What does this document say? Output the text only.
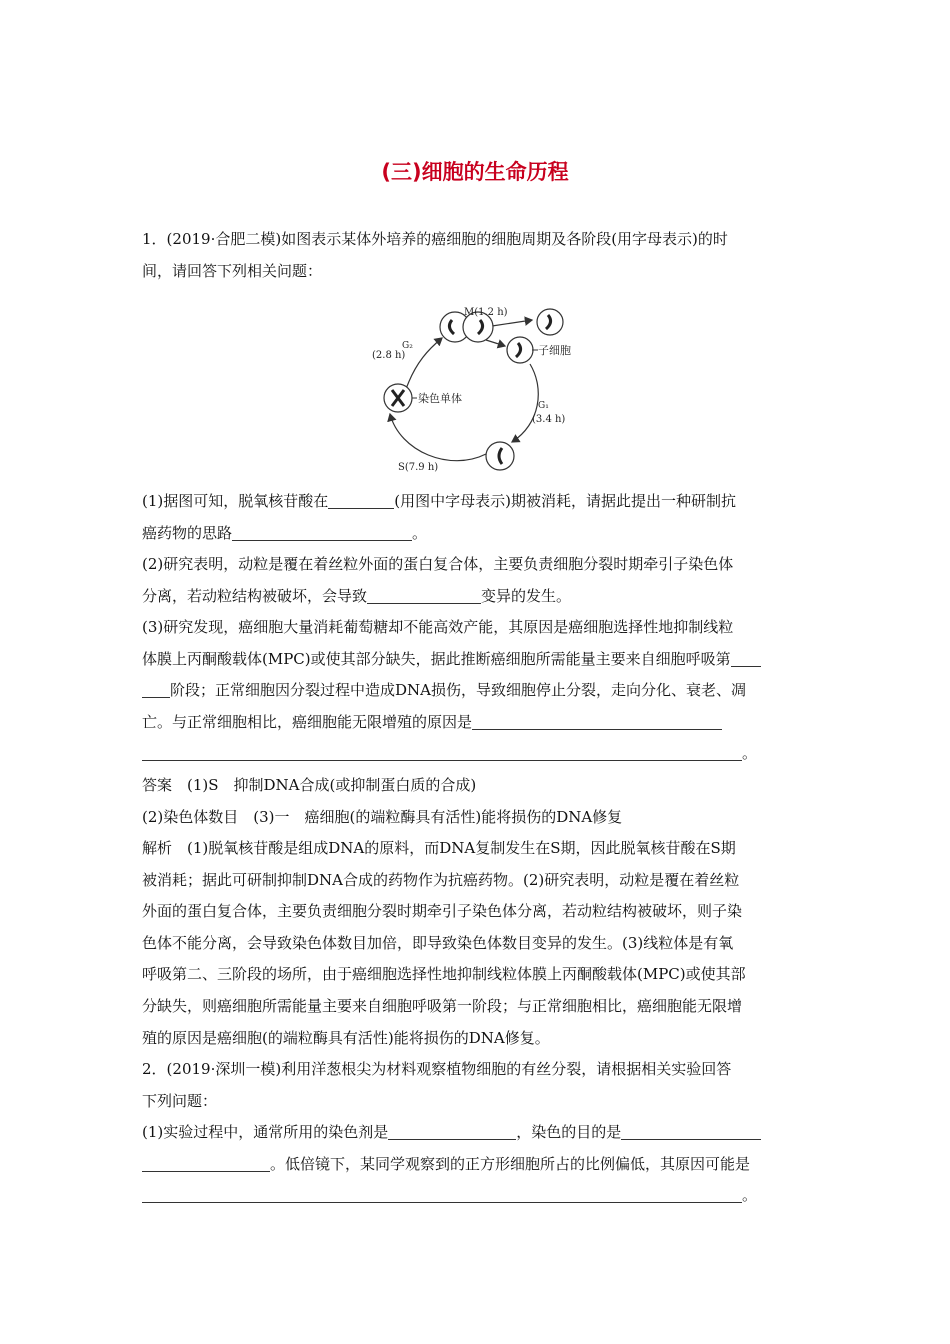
(三)细胞的生命历程
1．(2019·合肥二模)如图表示某体外培养的癌细胞的细胞周期及各阶段(用字母表示)的时
间，请回答下列相关问题：
M(1.2 h)
G₂
(2.8 h)	子细胞
染色单体
G₁
(3.4 h)
S(7.9 h)
(1)据图可知，脱氧核苷酸在	(用图中字母表示)期被消耗，请据此提出一种研制抗
癌药物的思路	。
(2)研究表明，动粒是覆在着丝粒外面的蛋白复合体，主要负责细胞分裂时期牵引子染色体
分离，若动粒结构被破坏，会导致	变异的发生。
(3)研究发现，癌细胞大量消耗葡萄糖却不能高效产能，其原因是癌细胞选择性地抑制线粒
体膜上丙酮酸载体(MPC)或使其部分缺失，据此推断癌细胞所需能量主要来自细胞呼吸第
阶段；正常细胞因分裂过程中造成DNA损伤，导致细胞停止分裂，走向分化、衰老、凋
亡。与正常细胞相比，癌细胞能无限增殖的原因是
。
答案　(1)S　抑制DNA合成(或抑制蛋白质的合成)
(2)染色体数目　(3)一　癌细胞(的端粒酶具有活性)能将损伤的DNA修复
解析　(1)脱氧核苷酸是组成DNA的原料，而DNA复制发生在S期，因此脱氧核苷酸在S期
被消耗；据此可研制抑制DNA合成的药物作为抗癌药物。(2)研究表明，动粒是覆在着丝粒
外面的蛋白复合体，主要负责细胞分裂时期牵引子染色体分离，若动粒结构被破坏，则子染
色体不能分离，会导致染色体数目加倍，即导致染色体数目变异的发生。(3)线粒体是有氧
呼吸第二、三阶段的场所，由于癌细胞选择性地抑制线粒体膜上丙酮酸载体(MPC)或使其部
分缺失，则癌细胞所需能量主要来自细胞呼吸第一阶段；与正常细胞相比，癌细胞能无限增
殖的原因是癌细胞(的端粒酶具有活性)能将损伤的DNA修复。
2．(2019·深圳一模)利用洋葱根尖为材料观察植物细胞的有丝分裂，请根据相关实验回答
下列问题：
(1)实验过程中，通常所用的染色剂是	，染色的目的是
。低倍镜下，某同学观察到的正方形细胞所占的比例偏低，其原因可能是
。
